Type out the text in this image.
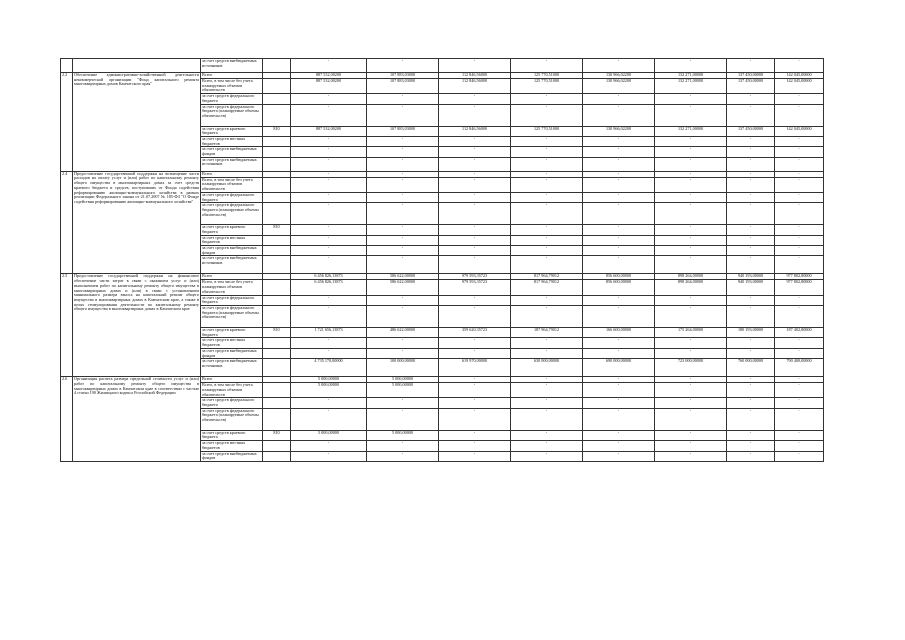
		за счет средств внебюджетных источников		-	-	-	-	-	-	-	-
2.2	Обеспечение административно-хозяйственной деятельности некоммерческой организации "Фонд капитального ремонта многоквартирных домов Камчатского края"	Всего		887 532,00200	107 883,03000	112 846,56000	125 770,51000	130 966,02200	132 271,00000	137 450,00000	142 045,00000
		Всего, в том числе без учета планируемых объемов обязательств		887 532,00200	107 883,03000	112 846,56000	125 770,51000	130 966,02200	132 271,00000	137 450,00000	142 045,00000
		за счет средств федерального бюджета		-	-	-	-	-	-	-	-
		за счет средств федерального бюджета (планируемые объемы обязательств)		-	-	-	-	-	-	-	-
		за счет средств краевого бюджета	810	887 532,00200	107 883,03000	112 846,56000	125 770,51000	130 966,02200	132 271,00000	137 450,00000	142 045,00000
		за счет средств местных бюджетов		-	-	-	-	-	-	-	-
		за счет средств внебюджетных фондов		-	-	-	-	-	-	-	-
		за счет средств внебюджетных источников		-	-	-	-	-	-	-	-
2.4	Предоставление государственной поддержки на возмещение части расходов на оплату услуг и (или) работ по капитальному ремонту общего имущества в многоквартирных домах за счет средств краевого бюджета и средств, поступивших от Фонда содействия реформированию жилищно-коммунального хозяйства в рамках реализации Федерального закона от 21.07.2007 № 185-ФЗ "О Фонде содействия реформированию жилищно-коммунального хозяйства"	Всего		-	-	-	-	-	-	-	-
		Всего, в том числе без учета планируемых объемов обязательств		-	-	-	-	-	-	-	-
		за счет средств федерального бюджета		-	-	-	-	-	-	-	-
		за счет средств федерального бюджета (планируемые объемы обязательств)		-	-	-	-	-	-	-	-
		за счет средств краевого бюджета	810	-	-	-	-	-	-	-	-
		за счет средств местных бюджетов		-	-	-	-	-	-	-	-
		за счет средств внебюджетных фондов		-	-	-	-	-	-	-	-
		за счет средств внебюджетных источников		-	-	-	-	-	-	-	-
2.5	Предоставление государственной поддержки на финансовое обеспечение части затрат в связи с оказанием услуг и (или) выполнением работ по капитальному ремонту общего имущества в многоквартирных домах и (или) в связи с установлением минимального размера взноса на капитальный ремонт общего имущества в многоквартирных домах в Камчатском крае, а также в целях стимулирования деятельности по капитальному ремонту общего имущества в многоквартирных домах в Камчатском крае	Всего		6 456 826,13873	586 622,00000	979 593,35723	817 964,79012	856 600,00000	898 264,00000	940 193,00000	977 802,80000
		Всего, в том числе без учета планируемых объемов обязательств		6 456 826,13873	586 622,00000	979 593,35723	817 964,79012	856 600,00000	898 264,00000	940 193,00000	977 802,80000
		за счет средств федерального бюджета		-	-	-	-	-	-	-	-
		за счет средств федерального бюджета (планируемые объемы обязательств)		-	-	-	-	-	-	-	-
		за счет средств краевого бюджета	810	1 721 656,13873	486 622,00000	359 620,35723	187 964,79012	166 600,00000	175 264,00000	180 193,00000	187 402,80000
		за счет средств местных бюджетов		-	-	-	-	-	-	-	-
		за счет средств внебюджетных фондов		-	-	-	-	-	-	-	-
		за счет средств внебюджетных источников		4 735 170,00000	100 000,00000	619 970,00000	630 000,00000	690 000,00000	723 000,00000	760 000,00000	790 400,00000
2.6	Организация расчета размера предельной стоимости услуг и (или) работ по капитальному ремонту общего имущества в многоквартирных домах в Камчатском крае в соответствии с частью 4 статьи 190 Жилищного кодекса Российской Федерации	Всего		5 000,00000	5 000,00000	-	-	-	-	-	-
		Всего, в том числе без учета планируемых объемов обязательств		5 000,00000	5 000,00000	-	-	-	-	-	-
		за счет средств федерального бюджета		-	-	-	-	-	-	-	-
		за счет средств федерального бюджета (планируемые объемы обязательств)		-	-	-	-	-	-	-	-
		за счет средств краевого бюджета	810	5 000,00000	5 000,00000	-	-	-	-	-	-
		за счет средств местных бюджетов		-	-	-	-	-	-	-	-
		за счет средств внебюджетных фондов		-	-	-	-	-	-	-	-
